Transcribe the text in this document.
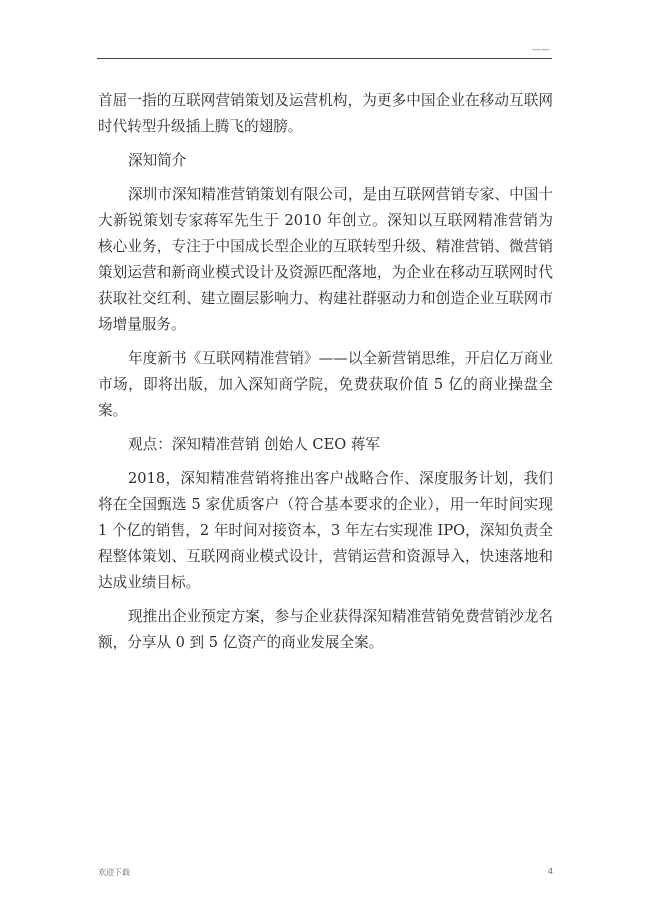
——

首屈一指的互联网营销策划及运营机构，为更多中国企业在移动互联网时代转型升级插上腾飞的翅膀。

深知简介

深圳市深知精准营销策划有限公司，是由互联网营销专家、中国十大新锐策划专家蒋军先生于 2010 年创立。深知以互联网精准营销为核心业务，专注于中国成长型企业的互联转型升级、精准营销、微营销策划运营和新商业模式设计及资源匹配落地，为企业在移动互联网时代获取社交红利、建立圈层影响力、构建社群驱动力和创造企业互联网市场增量服务。

年度新书《互联网精准营销》——以全新营销思维，开启亿万商业市场，即将出版，加入深知商学院，免费获取价值 5 亿的商业操盘全案。

观点：深知精准营销 创始人 CEO 蒋军

2018，深知精准营销将推出客户战略合作、深度服务计划，我们将在全国甄选 5 家优质客户（符合基本要求的企业），用一年时间实现 1 个亿的销售，2 年时间对接资本，3 年左右实现准 IPO，深知负责全程整体策划、互联网商业模式设计，营销运营和资源导入，快速落地和达成业绩目标。

现推出企业预定方案，参与企业获得深知精准营销免费营销沙龙名额，分享从 0 到 5 亿资产的商业发展全案。

欢迎下载	4
